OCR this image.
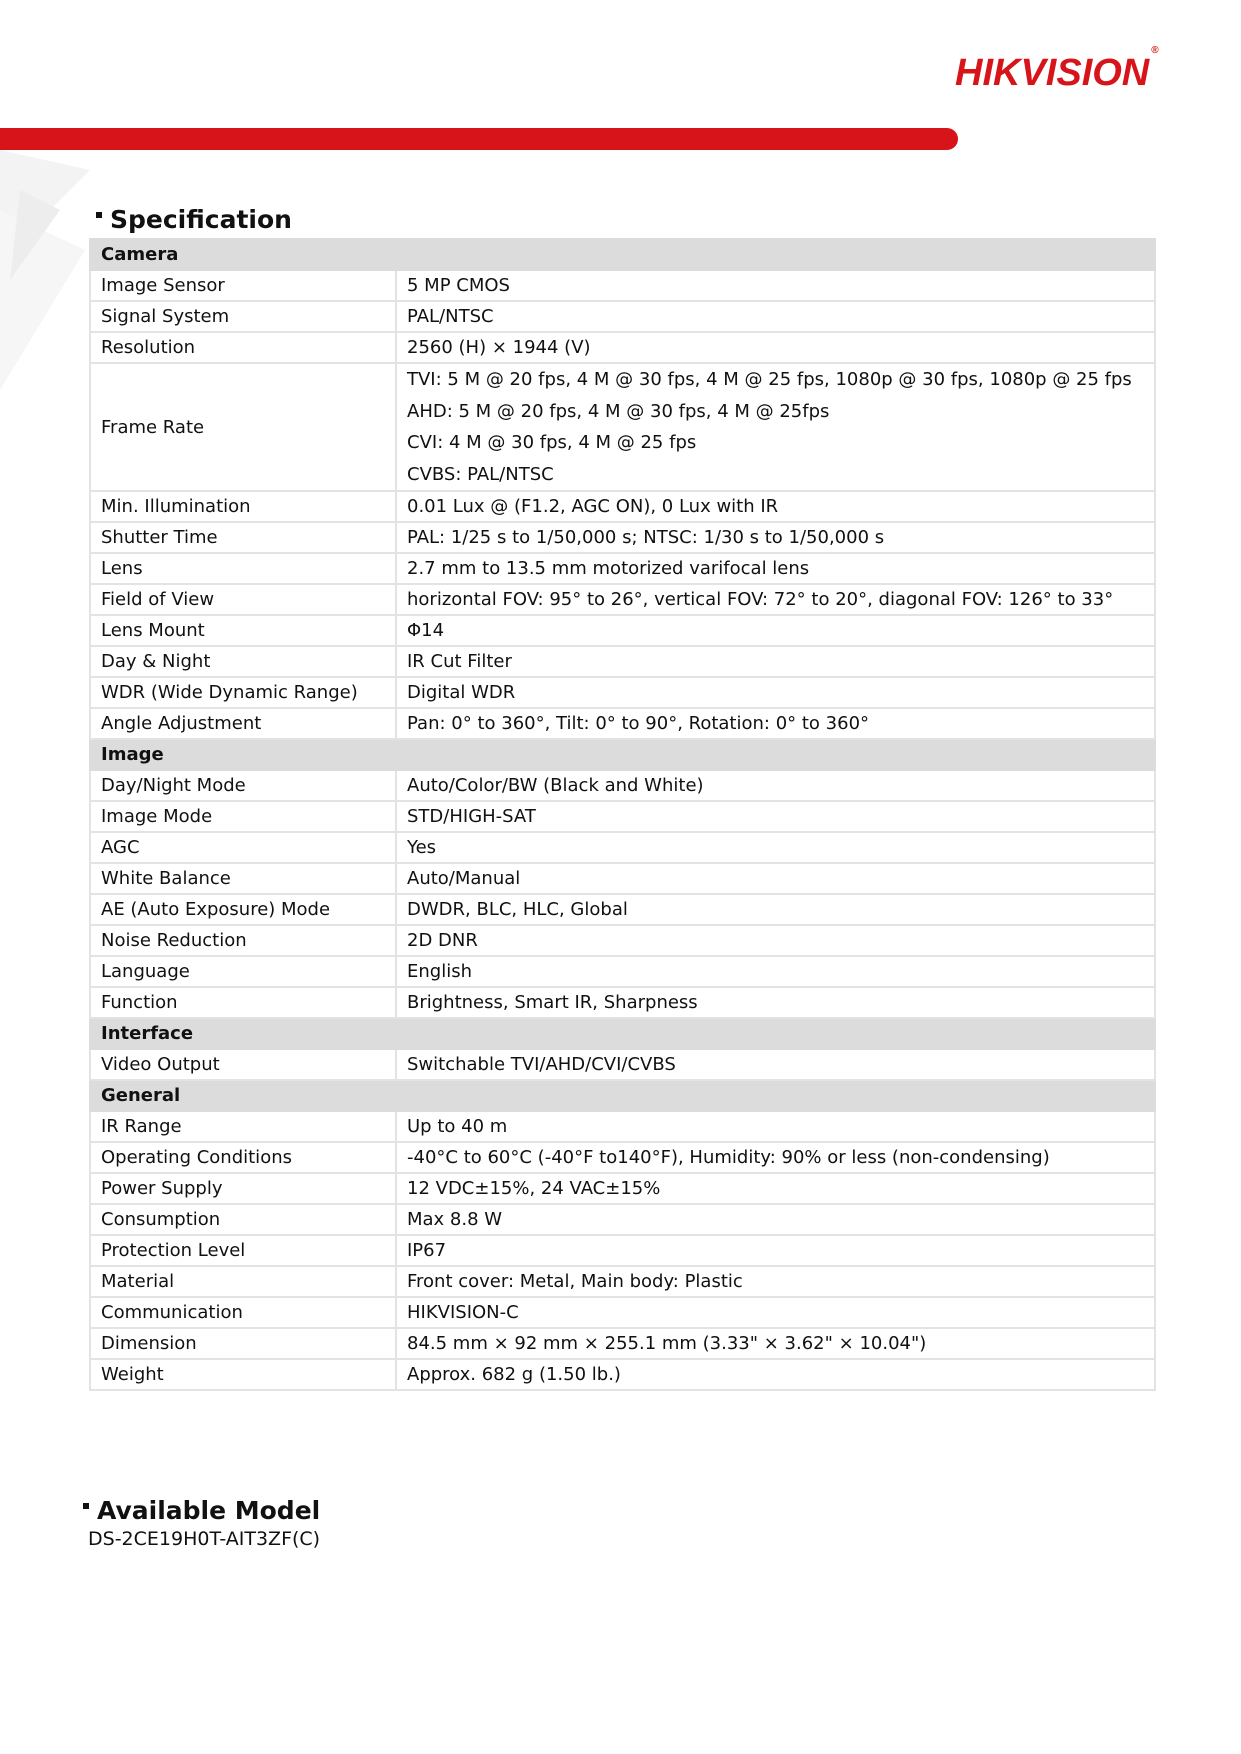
HIKVISION®
Specification
Camera	
Image Sensor	5 MP CMOS
Signal System	PAL/NTSC
Resolution	2560 (H) × 1944 (V)
Frame Rate	TVI: 5 M @ 20 fps, 4 M @ 30 fps, 4 M @ 25 fps, 1080p @ 30 fps, 1080p @ 25 fps
AHD: 5 M @ 20 fps, 4 M @ 30 fps, 4 M @ 25fps
CVI: 4 M @ 30 fps, 4 M @ 25 fps
CVBS: PAL/NTSC

Min. Illumination	0.01 Lux @ (F1.2, AGC ON), 0 Lux with IR
Shutter Time	PAL: 1/25 s to 1/50,000 s; NTSC: 1/30 s to 1/50,000 s
Lens	2.7 mm to 13.5 mm motorized varifocal lens
Field of View	horizontal FOV: 95° to 26°, vertical FOV: 72° to 20°, diagonal FOV: 126° to 33°
Lens Mount	Φ14
Day & Night	IR Cut Filter
WDR (Wide Dynamic Range)	Digital WDR
Angle Adjustment	Pan: 0° to 360°, Tilt: 0° to 90°, Rotation: 0° to 360°
Image	
Day/Night Mode	Auto/Color/BW (Black and White)
Image Mode	STD/HIGH-SAT
AGC	Yes
White Balance	Auto/Manual
AE (Auto Exposure) Mode	DWDR, BLC, HLC, Global
Noise Reduction	2D DNR
Language	English
Function	Brightness, Smart IR, Sharpness
Interface	
Video Output	Switchable TVI/AHD/CVI/CVBS
General	
IR Range	Up to 40 m
Operating Conditions	-40°C to 60°C (-40°F to140°F), Humidity: 90% or less (non-condensing)
Power Supply	12 VDC±15%, 24 VAC±15%
Consumption	Max 8.8 W
Protection Level	IP67
Material	Front cover: Metal, Main body: Plastic
Communication	HIKVISION-C
Dimension	84.5 mm × 92 mm × 255.1 mm (3.33" × 3.62" × 10.04")
Weight	Approx. 682 g (1.50 lb.)
Available Model
DS-2CE19H0T-AIT3ZF(C)
